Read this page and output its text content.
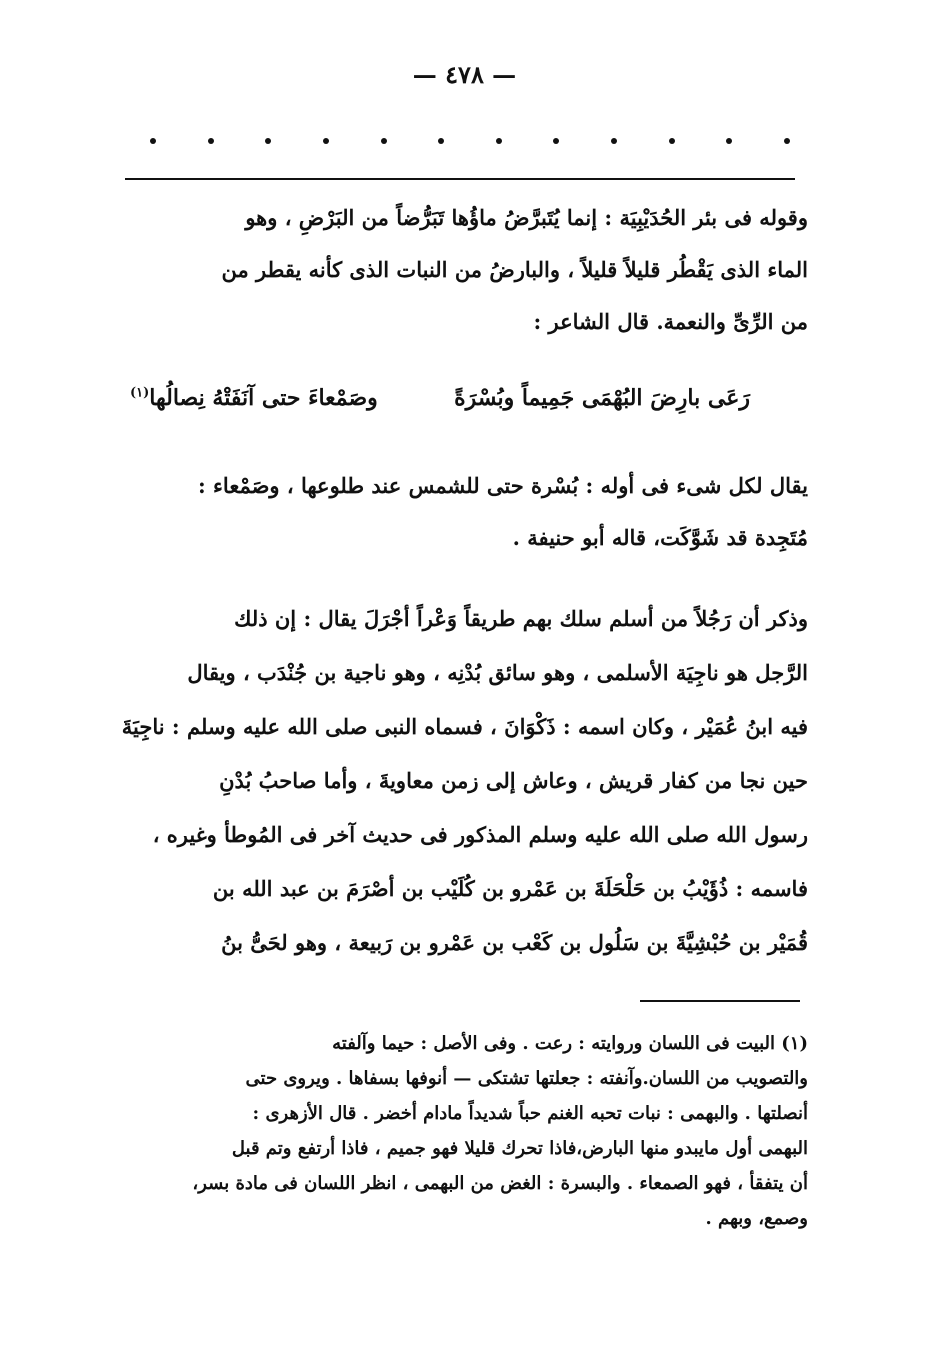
— ٤٧٨ —
وقوله فى بئر الحُدَيْبِيَة : إنما يُتَبرَّضُ ماؤُها تَبَرُّضاً من البَرْضِ ، وهو
الماء الذى يَقْطُر قليلاً قليلاً ، والبارضُ من النبات الذى كأنه يقطر من
من الرِّىِّ والنعمة. قال الشاعر :
رَعَى بارِضَ البُهْمَى جَمِيماً وبُسْرَةً
وصَمْعاءَ حتى آنَفَتْهُ نِصالُها$^{(١)}$
يقال لكل شىء فى أوله : بُسْرة حتى للشمس عند طلوعها ، وصَمْعاء :
مُتَجِدة قد شَوَّكَت، قاله أبو حنيفة .
وذكر أن رَجُلاً من أسلم سلك بهم طريقاً وَعْراً أجْرَلَ يقال : إن ذلك
الرَّجل هو ناجِيَة الأسلمى ، وهو سائق بُدْنِه ، وهو ناجية بن جُنْدَب ، ويقال
فيه ابنُ عُمَيْر ، وكان اسمه : ذَكْوَانَ ، فسماه النبى صلى الله عليه وسلم : ناجِيَةَ
حين نجا من كفار قريش ، وعاش إلى زمن معاويةَ ، وأما صاحبُ بُدْنِ
رسول الله صلى الله عليه وسلم المذكور فى حديث آخر فى المُوطأ وغيره ،
فاسمه : ذُؤَيْبُ بن حَلْحَلَةَ بن عَمْرو بن كُلَيْب بن أصْرَمَ بن عبد الله بن
قُمَيْر بن حُبْشِيَّةَ بن سَلُول بن كَعْب بن عَمْرو بن رَبيعة ، وهو لحَىُّ بنُ
(١) البيت فى اللسان وروايته : رعت . وفى الأصل : حيما وآلفته
والتصويب من اللسان.وآنفته : جعلتها تشتكى — أنوفها بسفاها . ويروى حتى
أنصلتها . والبهمى : نبات تحبه الغنم حباً شديداً مادام أخضر . قال الأزهرى :
البهمى أول مايبدو منها البارض،فاذا تحرك قليلا فهو جميم ، فاذا أرتفع وتم قبل
أن يتفقأ ، فهو الصمعاء . والبسرة : الغض من البهمى ، انظر اللسان فى مادة بسر،
وصمع، وبهم .
